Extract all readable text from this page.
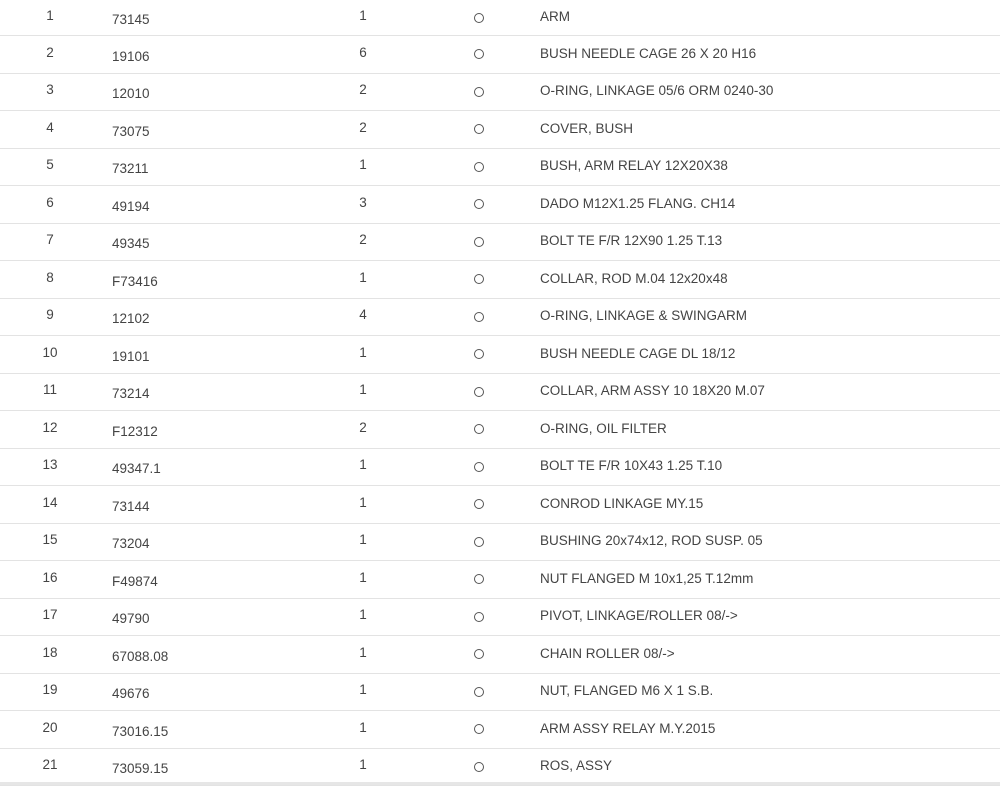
1	73145	1	ARM
2	19106	6	BUSH NEEDLE CAGE 26 X 20 H16
3	12010	2	O-RING, LINKAGE 05/6 ORM 0240-30
4	73075	2	COVER, BUSH
5	73211	1	BUSH, ARM RELAY 12X20X38
6	49194	3	DADO M12X1.25 FLANG. CH14
7	49345	2	BOLT TE F/R 12X90 1.25 T.13
8	F73416	1	COLLAR, ROD M.04 12x20x48
9	12102	4	O-RING, LINKAGE & SWINGARM
10	19101	1	BUSH NEEDLE CAGE DL 18/12
11	73214	1	COLLAR, ARM ASSY 10 18X20 M.07
12	F12312	2	O-RING, OIL FILTER
13	49347.1	1	BOLT TE F/R 10X43 1.25 T.10
14	73144	1	CONROD LINKAGE MY.15
15	73204	1	BUSHING 20x74x12, ROD SUSP. 05
16	F49874	1	NUT FLANGED M 10x1,25 T.12mm
17	49790	1	PIVOT, LINKAGE/ROLLER 08/->
18	67088.08	1	CHAIN ROLLER 08/->
19	49676	1	NUT, FLANGED M6 X 1 S.B.
20	73016.15	1	ARM ASSY RELAY M.Y.2015
21	73059.15	1	ROS, ASSY
